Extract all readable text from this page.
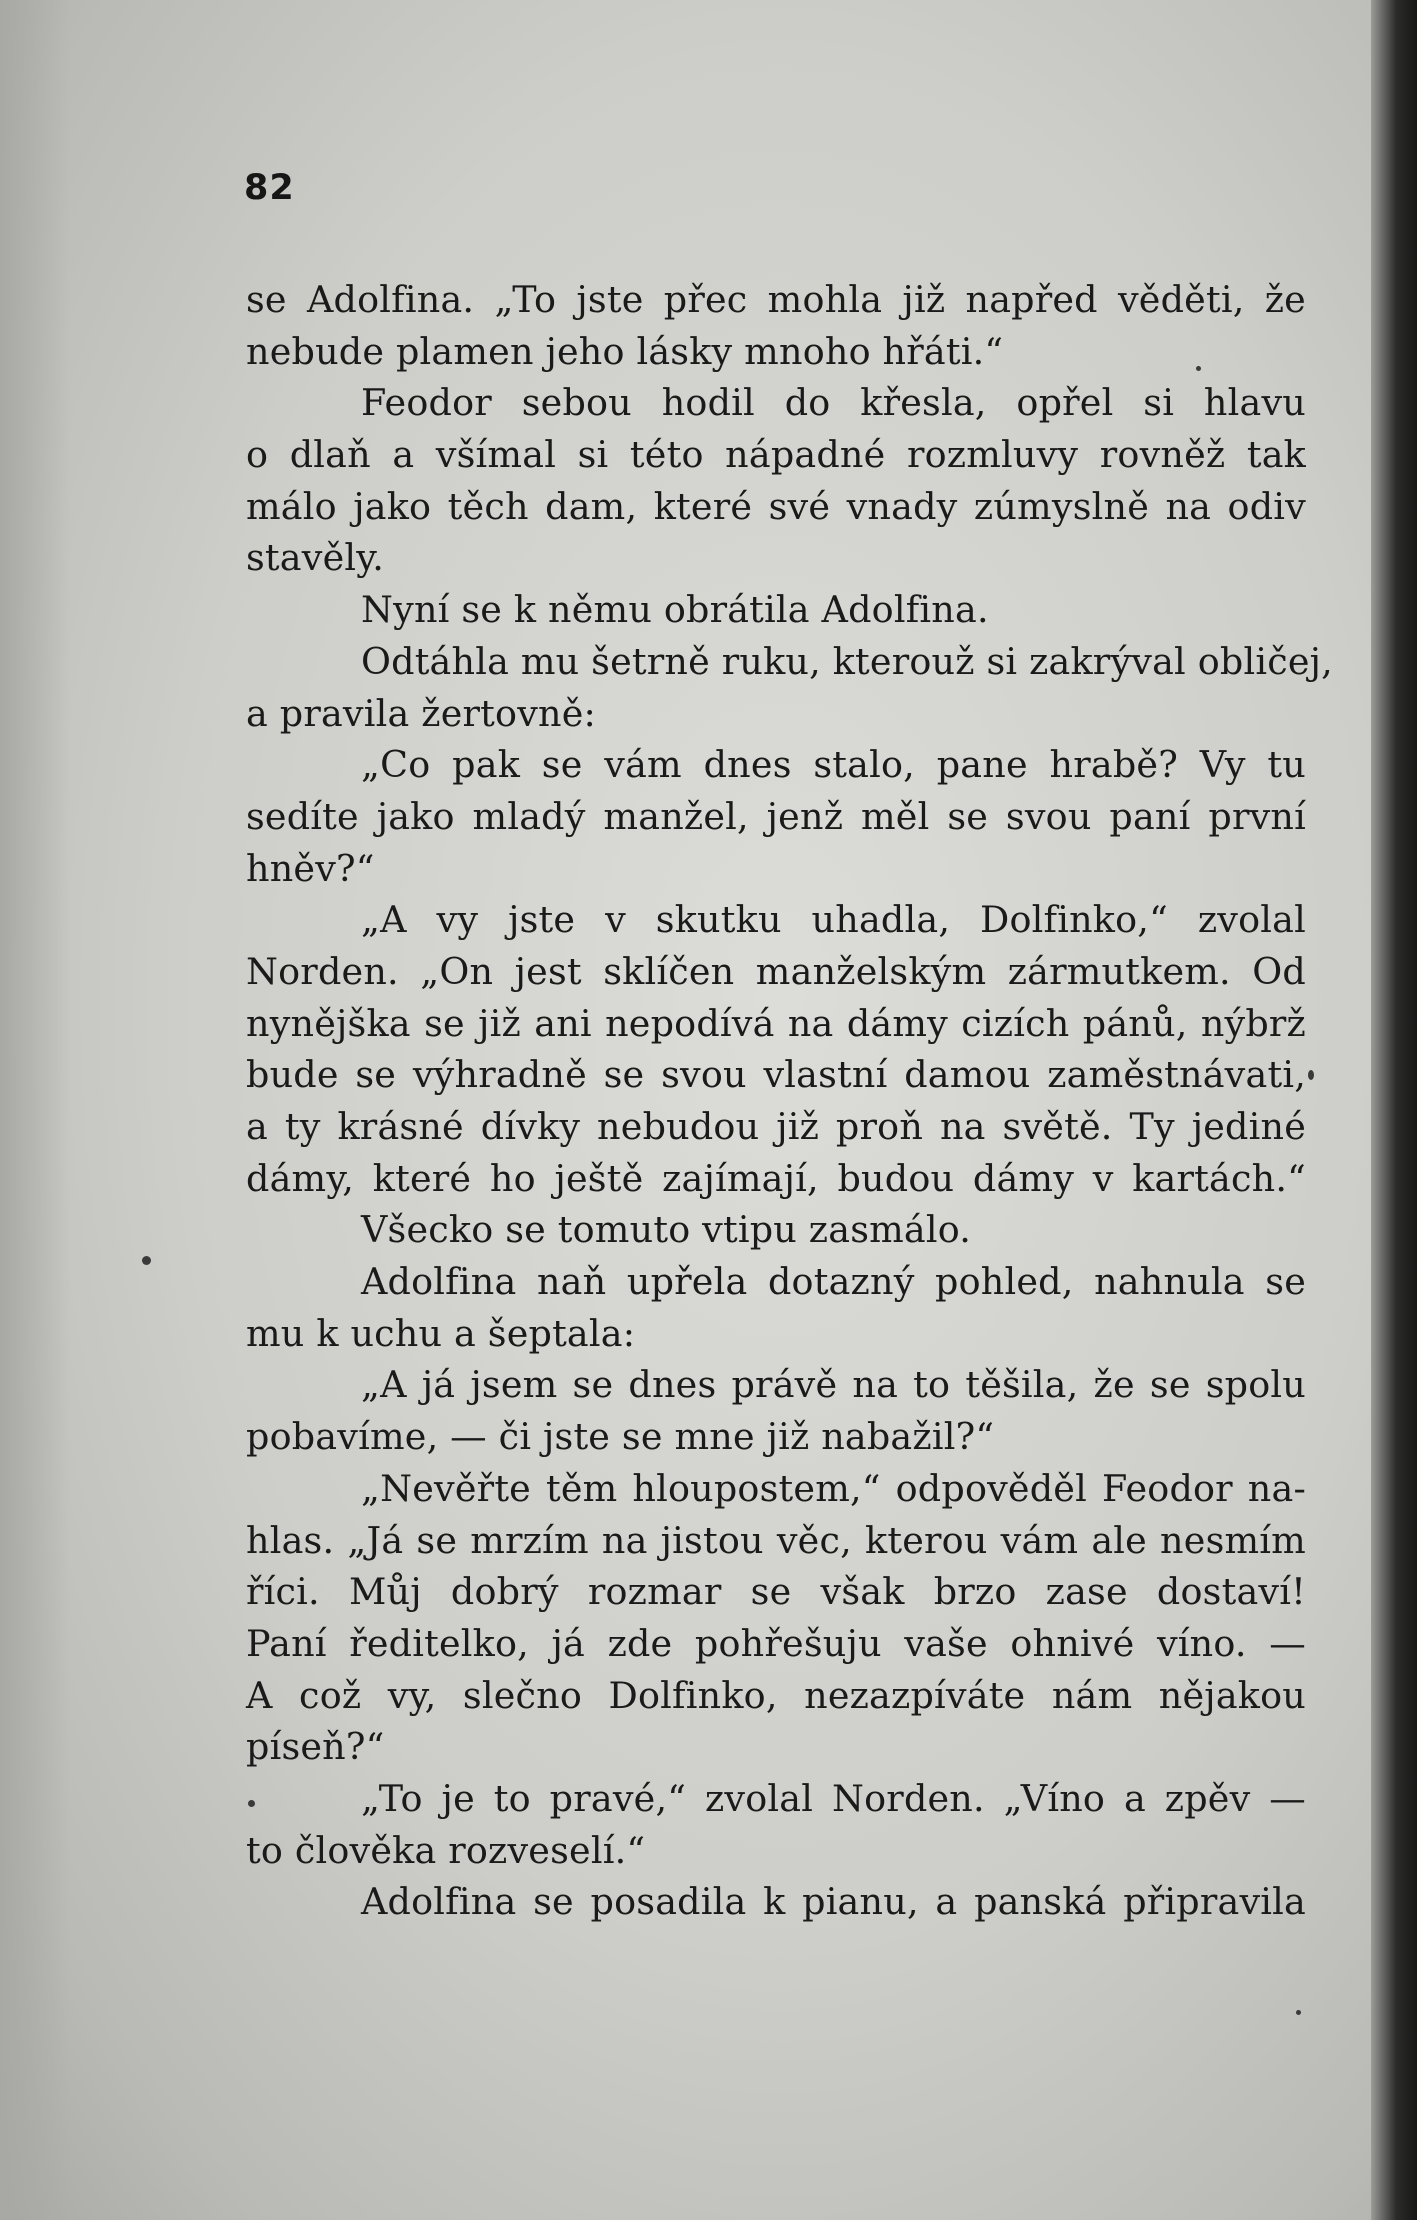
82
se Adolfina. „To jste přec mohla již napřed věděti, že
nebude plamen jeho lásky mnoho hřáti.“
Feodor sebou hodil do křesla, opřel si hlavu
o dlaň a všímal si této nápadné rozmluvy rovněž tak
málo jako těch dam, které své vnady zúmyslně na odiv
stavěly.
Nyní se k němu obrátila Adolfina.
Odtáhla mu šetrně ruku, kterouž si zakrýval obličej,
a pravila žertovně:
„Co pak se vám dnes stalo, pane hrabě? Vy tu
sedíte jako mladý manžel, jenž měl se svou paní první
hněv?“
„A vy jste v skutku uhadla, Dolfinko,“ zvolal
Norden. „On jest sklíčen manželským zármutkem. Od
nynějška se již ani nepodívá na dámy cizích pánů, nýbrž
bude se výhradně se svou vlastní damou zaměstnávati,
a ty krásné dívky nebudou již proň na světě. Ty jediné
dámy, které ho ještě zajímají, budou dámy v kartách.“
Všecko se tomuto vtipu zasmálo.
Adolfina naň upřela dotazný pohled, nahnula se
mu k uchu a šeptala:
„A já jsem se dnes právě na to těšila, že se spolu
pobavíme, — či jste se mne již nabažil?“
„Nevěřte těm hloupostem,“ odpověděl Feodor na-
hlas. „Já se mrzím na jistou věc, kterou vám ale nesmím
říci. Můj dobrý rozmar se však brzo zase dostaví!
Paní ředitelko, já zde pohřešuju vaše ohnivé víno. —
A což vy, slečno Dolfinko, nezazpíváte nám nějakou
píseň?“
„To je to pravé,“ zvolal Norden. „Víno a zpěv —
to člověka rozveselí.“
Adolfina se posadila k pianu, a panská připravila
